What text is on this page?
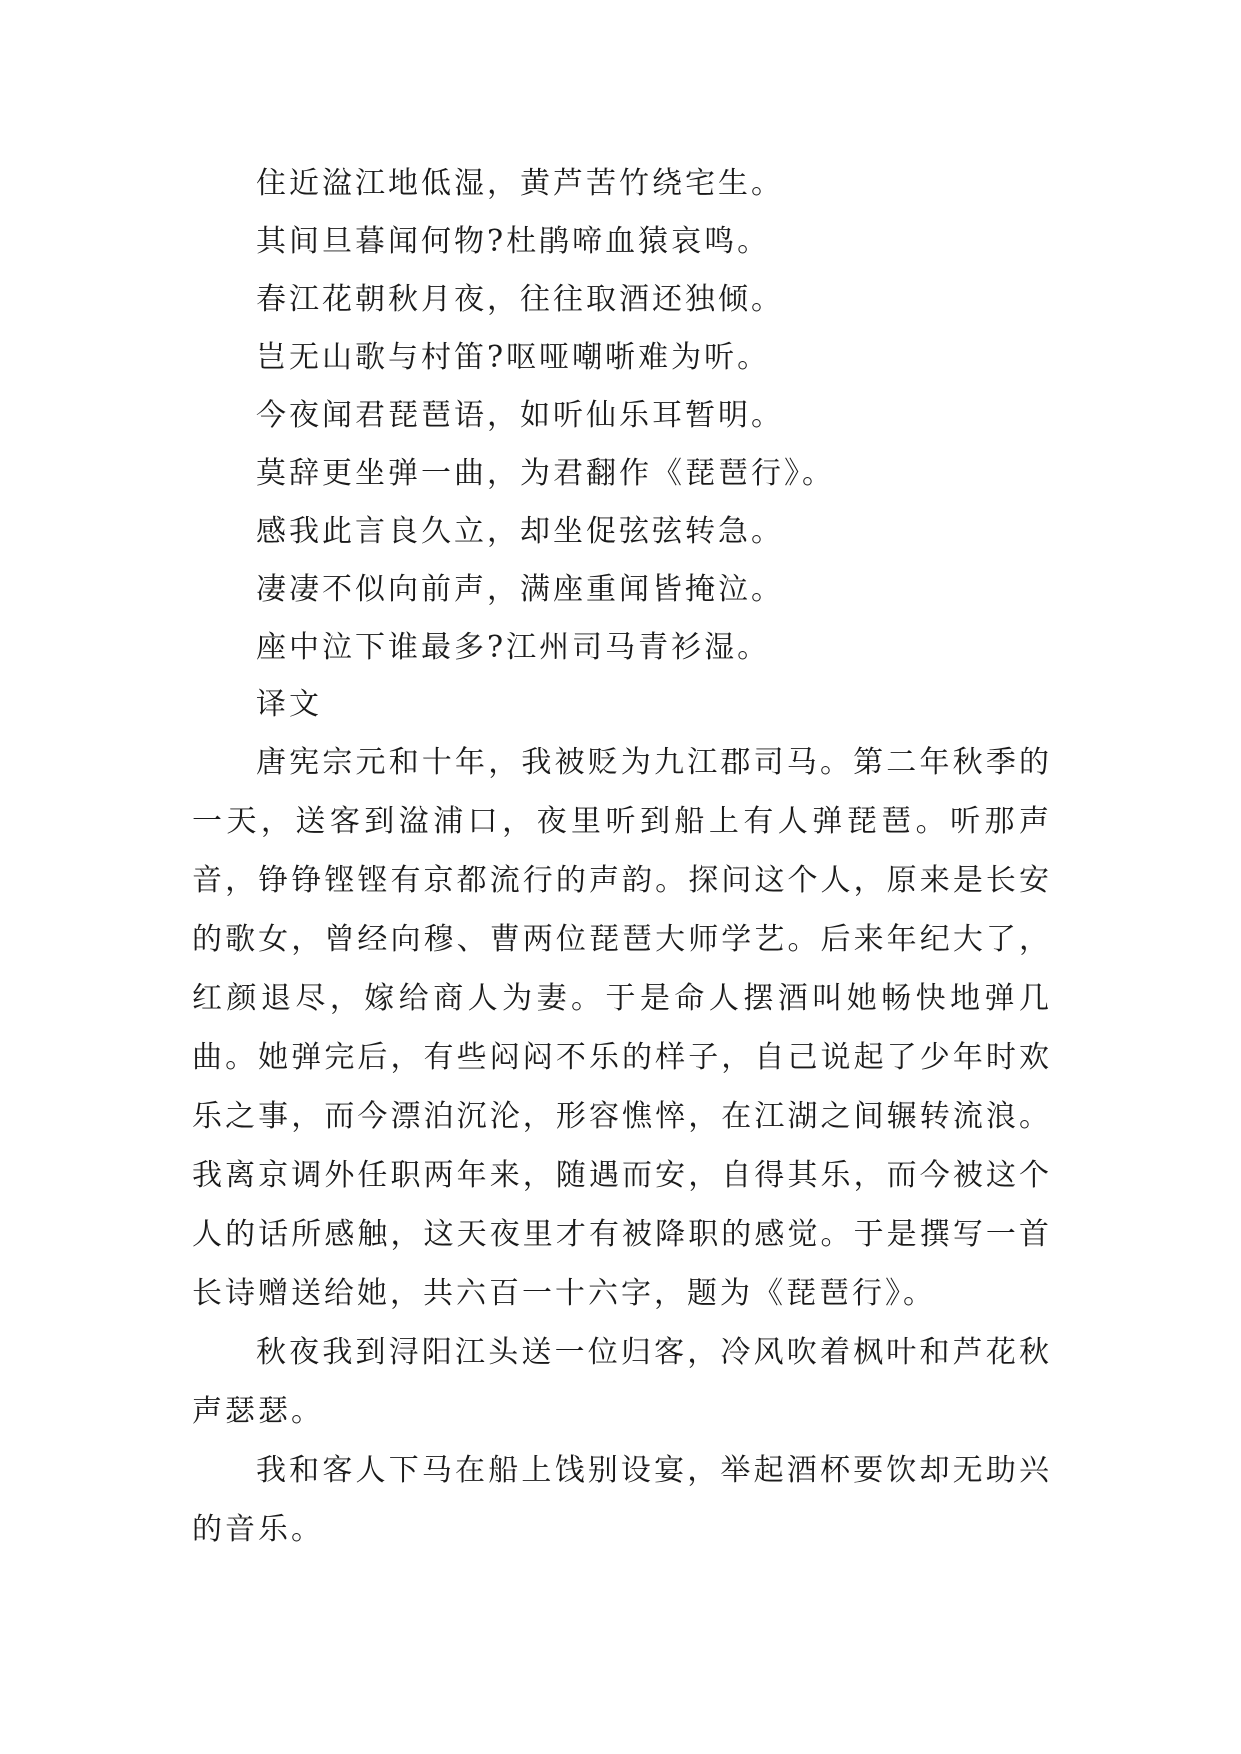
住近湓江地低湿，黄芦苦竹绕宅生。

其间旦暮闻何物?杜鹃啼血猿哀鸣。

春江花朝秋月夜，往往取酒还独倾。

岂无山歌与村笛?呕哑嘲哳难为听。

今夜闻君琵琶语，如听仙乐耳暂明。

莫辞更坐弹一曲，为君翻作《琵琶行》。

感我此言良久立，却坐促弦弦转急。

凄凄不似向前声，满座重闻皆掩泣。

座中泣下谁最多?江州司马青衫湿。

译文

唐宪宗元和十年，我被贬为九江郡司马。第二年秋季的一天，送客到湓浦口，夜里听到船上有人弹琵琶。听那声音，铮铮铿铿有京都流行的声韵。探问这个人，原来是长安的歌女，曾经向穆、曹两位琵琶大师学艺。后来年纪大了，红颜退尽，嫁给商人为妻。于是命人摆酒叫她畅快地弹几曲。她弹完后，有些闷闷不乐的样子，自己说起了少年时欢乐之事，而今漂泊沉沦，形容憔悴，在江湖之间辗转流浪。我离京调外任职两年来，随遇而安，自得其乐，而今被这个人的话所感触，这天夜里才有被降职的感觉。于是撰写一首长诗赠送给她，共六百一十六字，题为《琵琶行》。

秋夜我到浔阳江头送一位归客，冷风吹着枫叶和芦花秋声瑟瑟。

我和客人下马在船上饯别设宴，举起酒杯要饮却无助兴的音乐。
